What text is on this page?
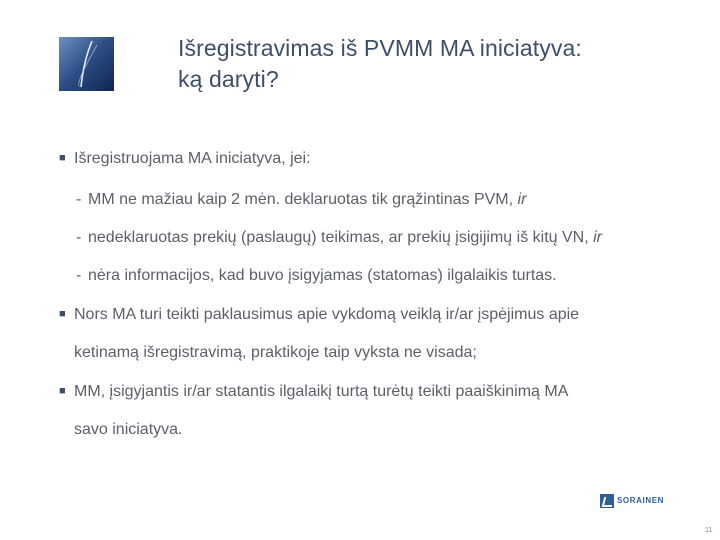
Išregistravimas iš PVMM MA iniciatyva:
ką daryti?
■ Išregistruojama MA iniciatyva, jei:
- MM ne mažiau kaip 2 mėn. deklaruotas tik grąžintinas PVM, ir
- nedeklaruotas prekių (paslaugų) teikimas, ar prekių įsigijimų iš kitų VN, ir
- nėra informacijos, kad buvo įsigyjamas (statomas) ilgalaikis turtas.
■ Nors MA turi teikti paklausimus apie vykdomą veiklą ir/ar įspėjimus apie
ketinamą išregistravimą, praktikoje taip vyksta ne visada;
■ MM, įsigyjantis ir/ar statantis ilgalaikį turtą turėtų teikti paaiškinimą MA
savo iniciatyva.
SORAINEN
11
